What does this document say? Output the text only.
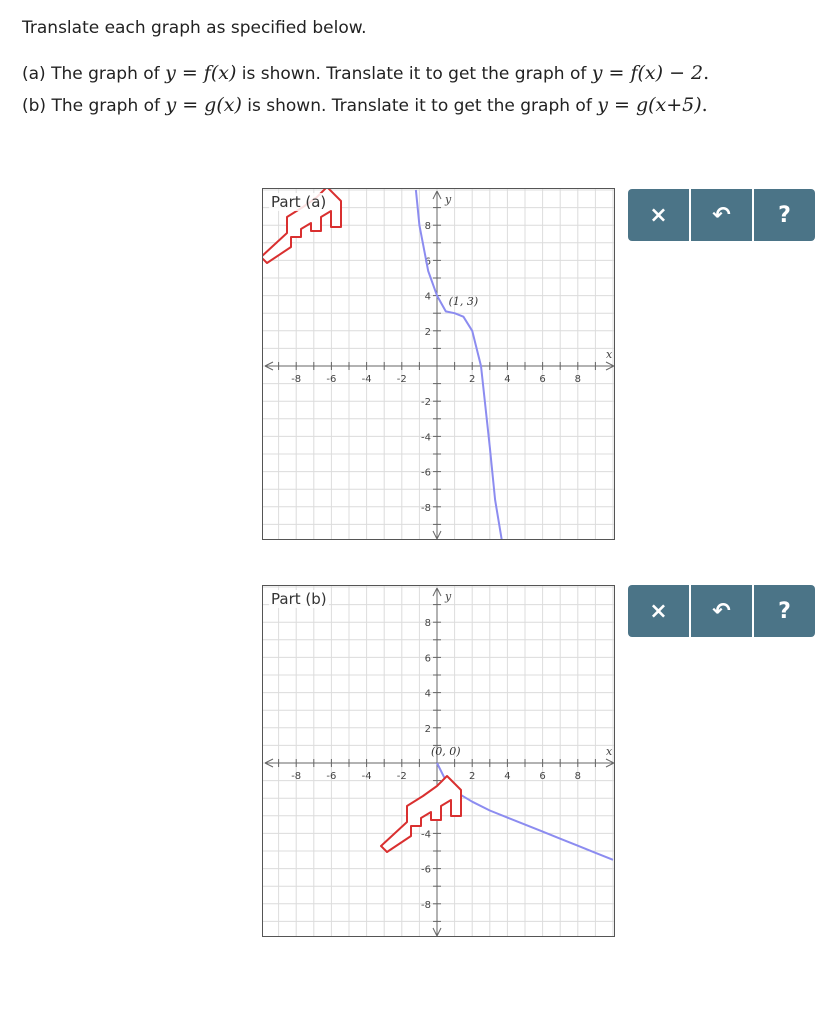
Translate each graph as specified below.
(a) The graph of y = f(x) is shown. Translate it to get the graph of y = f(x) − 2.
(b) The graph of y = g(x) is shown. Translate it to get the graph of y = g(x+5).
-8	-6	-4	-2	2	4	6	8
8
6
4
2
-2
-4
-6
-8
x
y
(1, 3)
Part (a)
× ↶ ?
-8	-6	-4	-2	2	4	6	8
8
6
4
2
-4
-6
-8
x
y
(0, 0)
Part (b)	× ↶ ?
